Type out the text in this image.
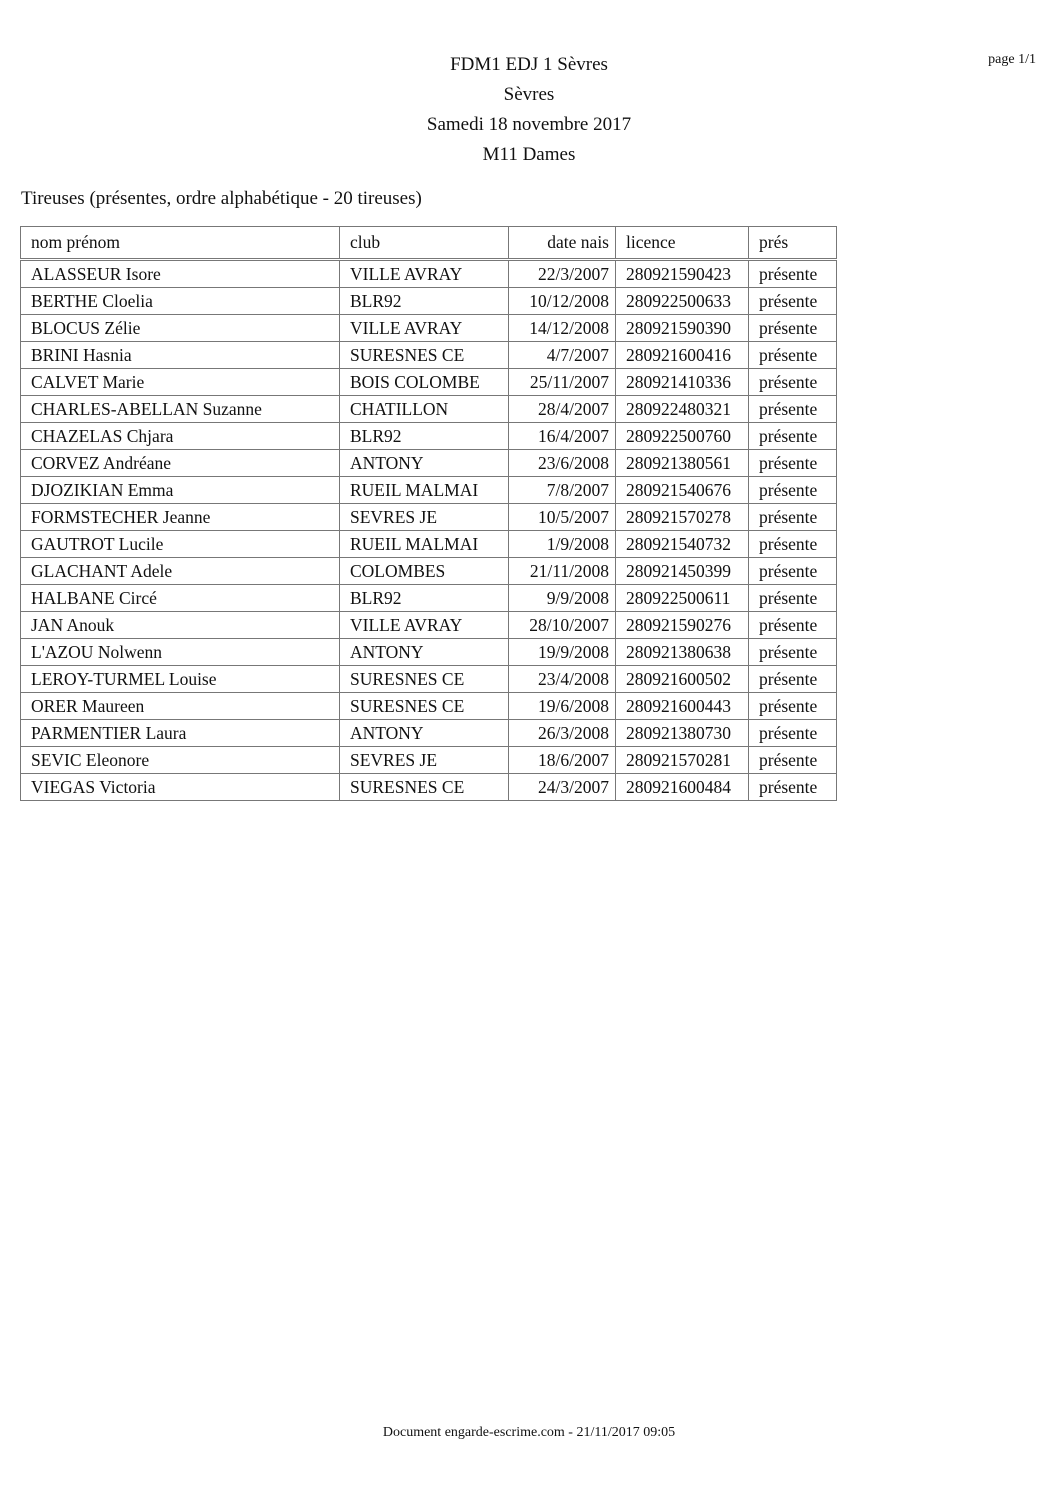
FDM1 EDJ 1 Sèvres
Sèvres
Samedi 18 novembre 2017
M11 Dames
page 1/1
Tireuses (présentes, ordre alphabétique - 20 tireuses)
nom prénom	club	date nais	licence	prés
ALASSEUR Isore	VILLE AVRAY	22/3/2007	280921590423	présente
BERTHE Cloelia	BLR92	10/12/2008	280922500633	présente
BLOCUS Zélie	VILLE AVRAY	14/12/2008	280921590390	présente
BRINI Hasnia	SURESNES CE	4/7/2007	280921600416	présente
CALVET Marie	BOIS COLOMBE	25/11/2007	280921410336	présente
CHARLES-ABELLAN Suzanne	CHATILLON	28/4/2007	280922480321	présente
CHAZELAS Chjara	BLR92	16/4/2007	280922500760	présente
CORVEZ Andréane	ANTONY	23/6/2008	280921380561	présente
DJOZIKIAN Emma	RUEIL MALMAI	7/8/2007	280921540676	présente
FORMSTECHER Jeanne	SEVRES JE	10/5/2007	280921570278	présente
GAUTROT Lucile	RUEIL MALMAI	1/9/2008	280921540732	présente
GLACHANT Adele	COLOMBES	21/11/2008	280921450399	présente
HALBANE Circé	BLR92	9/9/2008	280922500611	présente
JAN Anouk	VILLE AVRAY	28/10/2007	280921590276	présente
L'AZOU Nolwenn	ANTONY	19/9/2008	280921380638	présente
LEROY-TURMEL Louise	SURESNES CE	23/4/2008	280921600502	présente
ORER Maureen	SURESNES CE	19/6/2008	280921600443	présente
PARMENTIER Laura	ANTONY	26/3/2008	280921380730	présente
SEVIC Eleonore	SEVRES JE	18/6/2007	280921570281	présente
VIEGAS Victoria	SURESNES CE	24/3/2007	280921600484	présente
Document engarde-escrime.com - 21/11/2017 09:05
